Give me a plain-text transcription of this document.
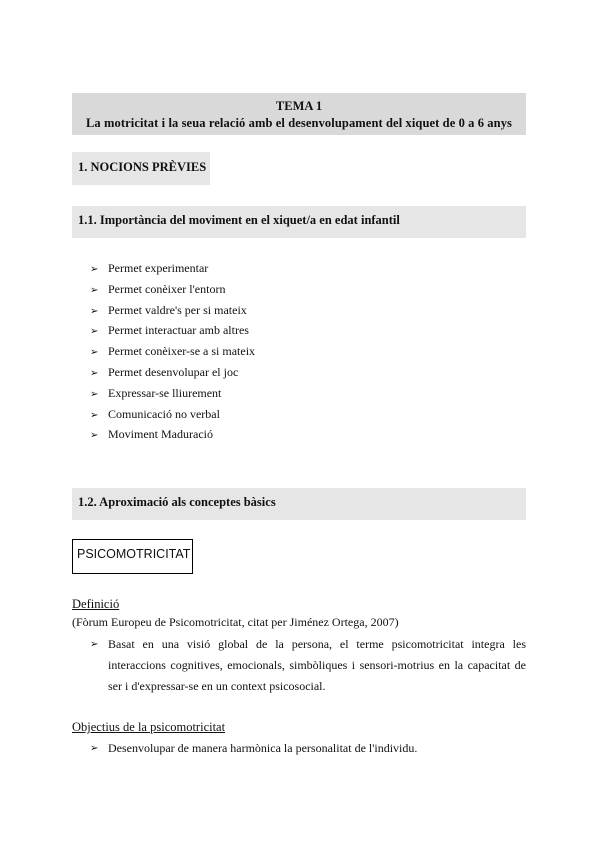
TEMA 1
La motricitat i la seua relació amb el desenvolupament del xiquet de 0 a 6 anys
1. NOCIONS PRÈVIES
1.1. Importància del moviment en el xiquet/a en edat infantil
➢ Permet experimentar
➢ Permet conèixer l'entorn
➢ Permet valdre's per si mateix
➢ Permet interactuar amb altres
➢ Permet conèixer-se a si mateix
➢ Permet desenvolupar el joc
➢ Expressar-se lliurement
➢ Comunicació no verbal
➢ Moviment Maduració
1.2. Aproximació als conceptes bàsics
PSICOMOTRICITAT
Definició
(Fòrum Europeu de Psicomotricitat, citat per Jiménez Ortega, 2007)
➢ Basat en una visió global de la persona, el terme psicomotricitat integra les interaccions cognitives, emocionals, simbòliques i sensori-motrius en la capacitat de ser i d'expressar-se en un context psicosocial.
Objectius de la psicomotricitat
➢ Desenvolupar de manera harmònica la personalitat de l'individu.
